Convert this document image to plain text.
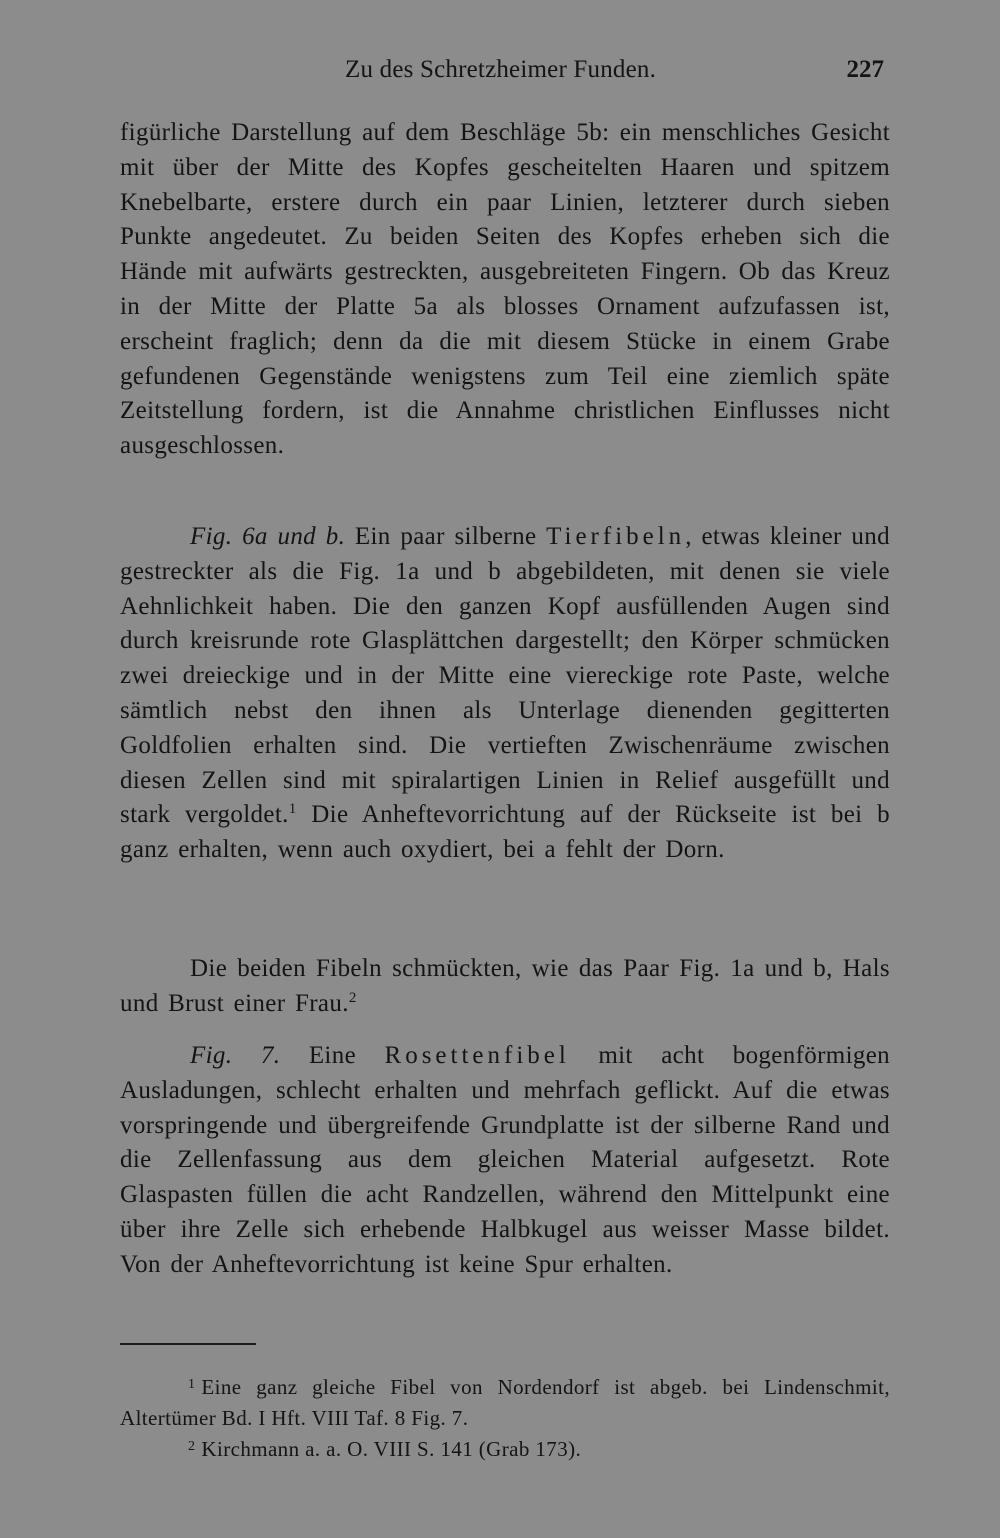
Zu des Schretzheimer Funden.	227

figürliche Darstellung auf dem Beschläge 5b: ein menschliches Gesicht mit über der Mitte des Kopfes gescheitelten Haaren und spitzem Knebelbarte, erstere durch ein paar Linien, letzterer durch sieben Punkte angedeutet. Zu beiden Seiten des Kopfes erheben sich die Hände mit aufwärts gestreckten, ausgebreiteten Fingern. Ob das Kreuz in der Mitte der Platte 5a als blosses Ornament aufzufassen ist, erscheint fraglich; denn da die mit diesem Stücke in einem Grabe gefundenen Gegenstände wenigstens zum Teil eine ziemlich späte Zeitstellung fordern, ist die Annahme christlichen Einflusses nicht ausgeschlossen.

Fig. 6a und b. Ein paar silberne Tierfibeln, etwas kleiner und gestreckter als die Fig. 1a und b abgebildeten, mit denen sie viele Aehnlichkeit haben. Die den ganzen Kopf ausfüllenden Augen sind durch kreisrunde rote Glasplättchen dargestellt; den Körper schmücken zwei dreieckige und in der Mitte eine viereckige rote Paste, welche sämtlich nebst den ihnen als Unterlage dienenden gegitterten Goldfolien erhalten sind. Die vertieften Zwischenräume zwischen diesen Zellen sind mit spiralartigen Linien in Relief ausgefüllt und stark vergoldet.$^1$ Die Anheftevorrichtung auf der Rückseite ist bei b ganz erhalten, wenn auch oxydiert, bei a fehlt der Dorn.

Die beiden Fibeln schmückten, wie das Paar Fig. 1a und b, Hals und Brust einer Frau.$^2$

Fig. 7. Eine Rosettenfibel mit acht bogenförmigen Ausladungen, schlecht erhalten und mehrfach geflickt. Auf die etwas vorspringende und übergreifende Grundplatte ist der silberne Rand und die Zellenfassung aus dem gleichen Material aufgesetzt. Rote Glaspasten füllen die acht Randzellen, während den Mittelpunkt eine über ihre Zelle sich erhebende Halbkugel aus weisser Masse bildet. Von der Anheftevorrichtung ist keine Spur erhalten.

$^1$ Eine ganz gleiche Fibel von Nordendorf ist abgeb. bei Lindenschmit, Altertümer Bd. I Hft. VIII Taf. 8 Fig. 7.

$^2$ Kirchmann a. a. O. VIII S. 141 (Grab 173).
